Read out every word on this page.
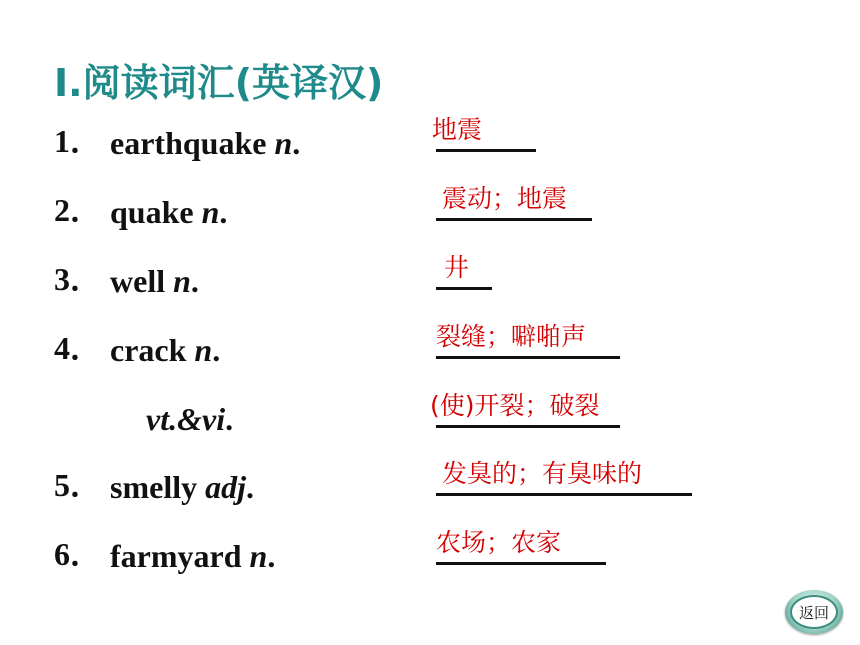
Ⅰ.阅读词汇(英译汉)
1． earthquake n.	地震
2． quake n.	震动；地震
3． well n.	井
4． crack n.	裂缝；噼啪声
vt.&vi.	(使)开裂；破裂
5． smelly adj.	发臭的；有臭味的
6． farmyard n.	农场；农家
返回
